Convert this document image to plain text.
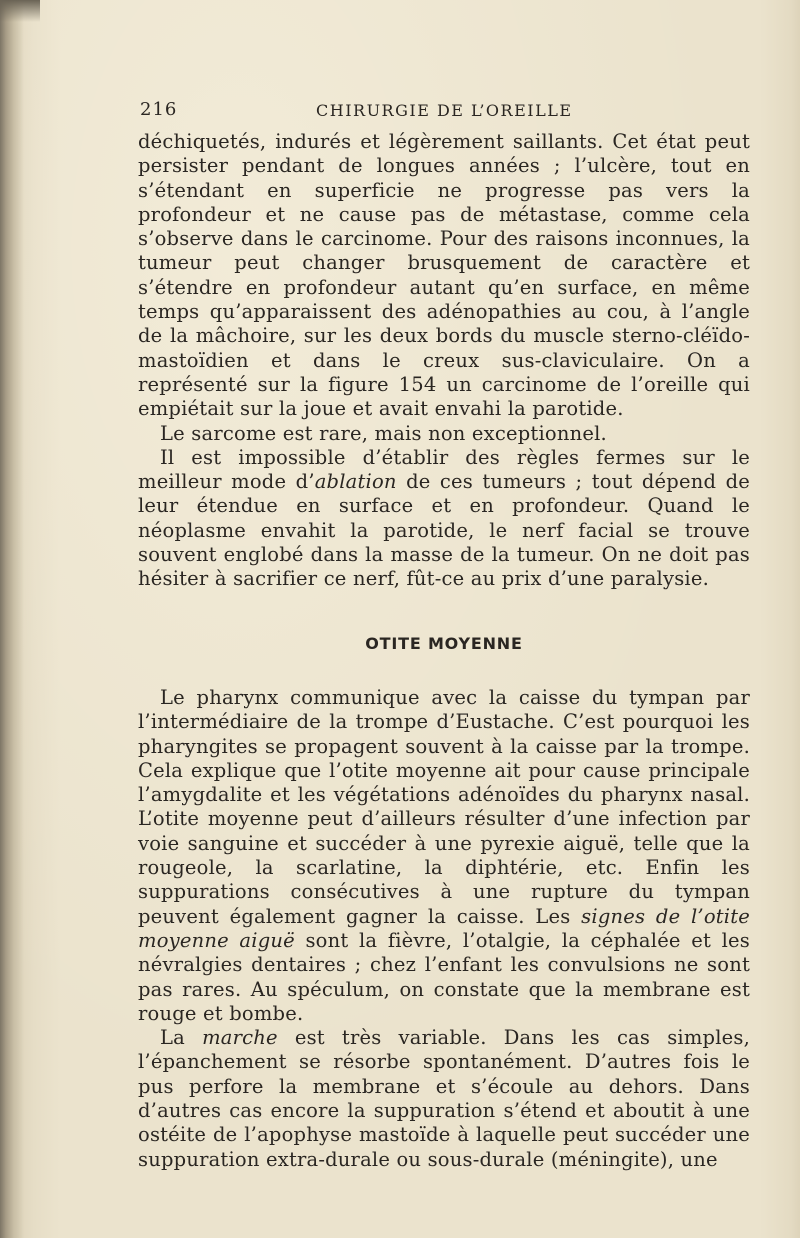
216	CHIRURGIE DE L’OREILLE

déchiquetés, indurés et légèrement saillants. Cet état peut persister pendant de longues années ; l’ulcère, tout en s’étendant en superficie ne progresse pas vers la profondeur et ne cause pas de métastase, comme cela s’observe dans le carcinome. Pour des raisons inconnues, la tumeur peut changer brusquement de caractère et s’étendre en profondeur autant qu’en surface, en même temps qu’apparaissent des adénopathies au cou, à l’angle de la mâchoire, sur les deux bords du muscle sterno-cléïdo-mastoïdien et dans le creux sus-claviculaire. On a représenté sur la figure 154 un carcinome de l’oreille qui empiétait sur la joue et avait envahi la parotide.

Le sarcome est rare, mais non exceptionnel.

Il est impossible d’établir des règles fermes sur le meilleur mode d’ablation de ces tumeurs ; tout dépend de leur étendue en surface et en profondeur. Quand le néoplasme envahit la parotide, le nerf facial se trouve souvent englobé dans la masse de la tumeur. On ne doit pas hésiter à sacrifier ce nerf, fût-ce au prix d’une paralysie.

OTITE MOYENNE

Le pharynx communique avec la caisse du tympan par l’intermédiaire de la trompe d’Eustache. C’est pourquoi les pharyngites se propagent souvent à la caisse par la trompe. Cela explique que l’otite moyenne ait pour cause principale l’amygdalite et les végétations adénoïdes du pharynx nasal. L’otite moyenne peut d’ailleurs résulter d’une infection par voie sanguine et succéder à une pyrexie aiguë, telle que la rougeole, la scarlatine, la diphtérie, etc. Enfin les suppurations consécutives à une rupture du tympan peuvent également gagner la caisse. Les signes de l’otite moyenne aiguë sont la fièvre, l’otalgie, la céphalée et les névralgies dentaires ; chez l’enfant les convulsions ne sont pas rares. Au spéculum, on constate que la membrane est rouge et bombe.

La marche est très variable. Dans les cas simples, l’épanchement se résorbe spontanément. D’autres fois le pus perfore la membrane et s’écoule au dehors. Dans d’autres cas encore la suppuration s’étend et aboutit à une ostéite de l’apophyse mastoïde à laquelle peut succéder une suppuration extra-durale ou sous-durale (méningite), une
